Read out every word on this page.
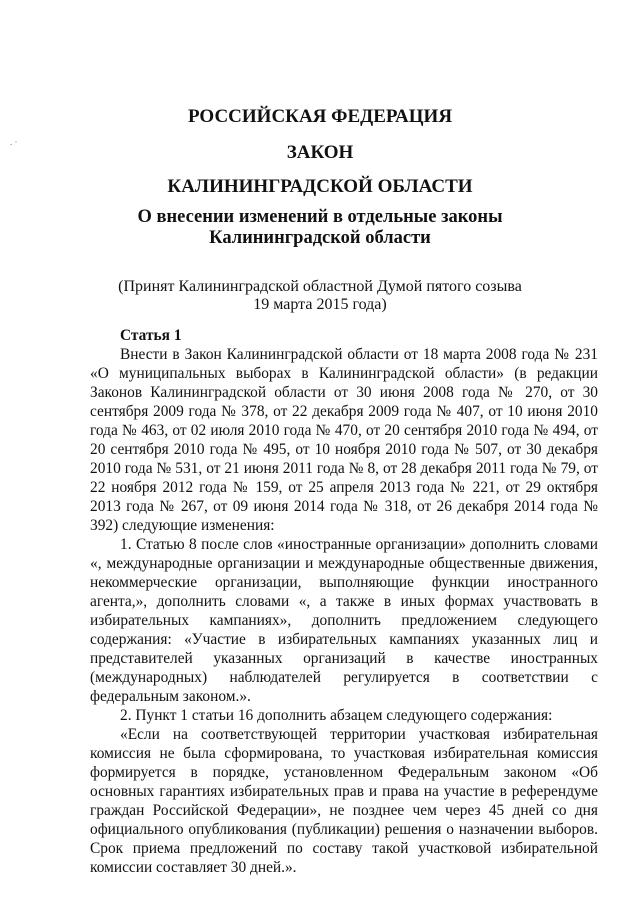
. ·
РОССИЙСКАЯ ФЕДЕРАЦИЯ
ЗАКОН
КАЛИНИНГРАДСКОЙ ОБЛАСТИ
О внесении изменений в отдельные законы
Калининградской области
(Принят Калининградской областной Думой пятого созыва
19 марта 2015 года)
Статья 1

Внести в Закон Калининградской области от 18 марта 2008 года № 231 «О муниципальных выборах в Калининградской области» (в редакции Законов Калининградской области от 30 июня 2008 года № 270, от 30 сентября 2009 года № 378, от 22 декабря 2009 года № 407, от 10 июня 2010 года № 463, от 02 июля 2010 года № 470, от 20 сентября 2010 года № 494, от 20 сентября 2010 года № 495, от 10 ноября 2010 года № 507, от 30 декабря 2010 года № 531, от 21 июня 2011 года № 8, от 28 декабря 2011 года № 79, от 22 ноября 2012 года № 159, от 25 апреля 2013 года № 221, от 29 октября 2013 года № 267, от 09 июня 2014 года № 318, от 26 декабря 2014 года № 392) следующие изменения:

1. Статью 8 после слов «иностранные организации» дополнить словами «, международные организации и международные общественные движения, некоммерческие организации, выполняющие функции иностранного агента,», дополнить словами «, а также в иных формах участвовать в избирательных кампаниях», дополнить предложением следующего содержания: «Участие в избирательных кампаниях указанных лиц и представителей указанных организаций в качестве иностранных (международных) наблюдателей регулируется в соответствии с федеральным законом.».

2. Пункт 1 статьи 16 дополнить абзацем следующего содержания:

«Если на соответствующей территории участковая избирательная комиссия не была сформирована, то участковая избирательная комиссия формируется в порядке, установленном Федеральным законом «Об основных гарантиях избирательных прав и права на участие в референдуме граждан Российской Федерации», не позднее чем через 45 дней со дня официального опубликования (публикации) решения о назначении выборов. Срок приема предложений по составу такой участковой избирательной комиссии составляет 30 дней.».
